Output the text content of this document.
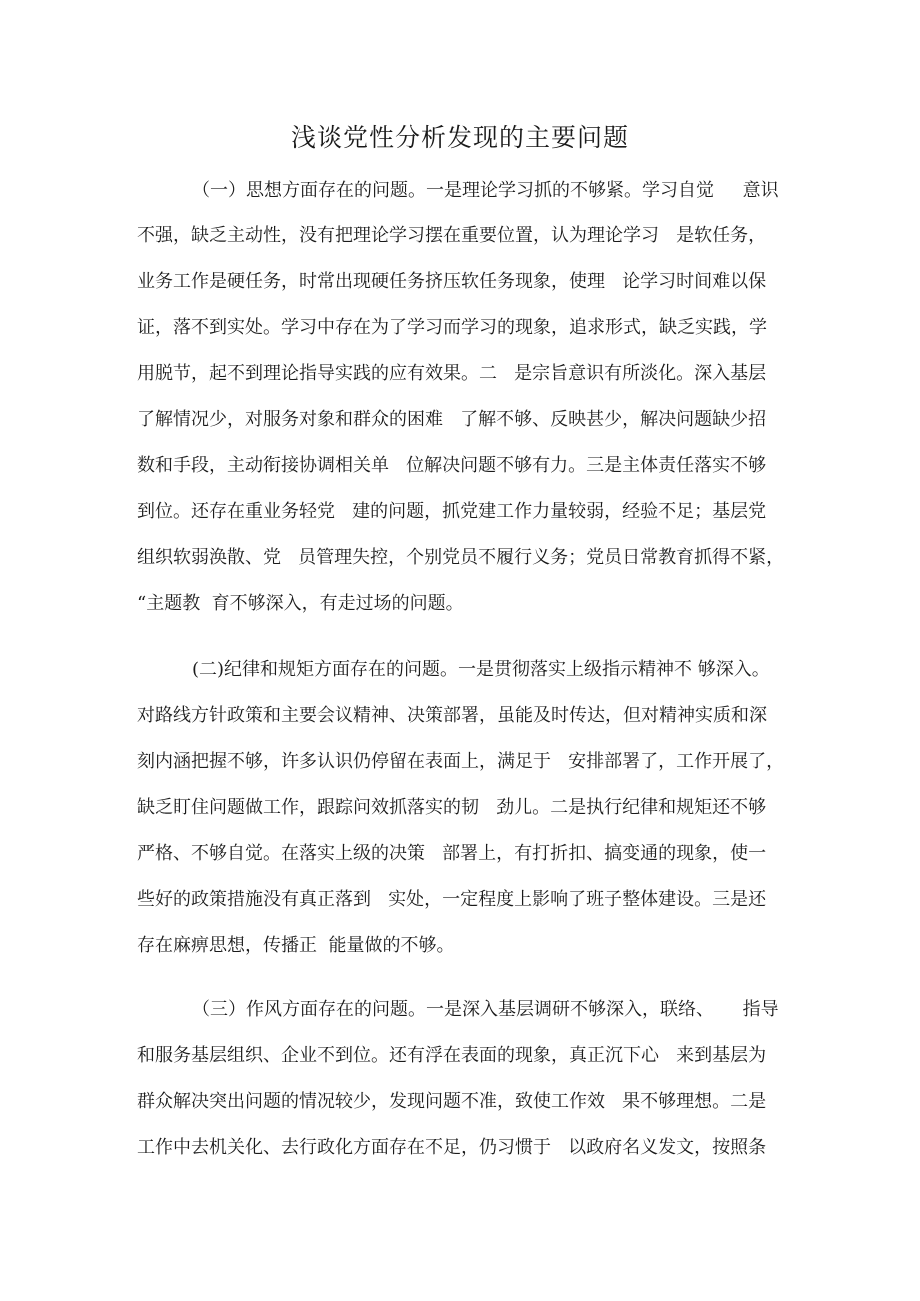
浅谈党性分析发现的主要问题
（一）思想方面存在的问题。一是理论学习抓的不够紧。学习自觉     意识
不强，缺乏主动性，没有把理论学习摆在重要位置，认为理论学习   是软任务，
业务工作是硬任务，时常出现硬任务挤压软任务现象，使理   论学习时间难以保
证，落不到实处。学习中存在为了学习而学习的现象，追求形式，缺乏实践，学
用脱节，起不到理论指导实践的应有效果。二   是宗旨意识有所淡化。深入基层
了解情况少，对服务对象和群众的困难   了解不够、反映甚少，解决问题缺少招
数和手段，主动衔接协调相关单   位解决问题不够有力。三是主体责任落实不够
到位。还存在重业务轻党   建的问题，抓党建工作力量较弱，经验不足；基层党
组织软弱涣散、党   员管理失控，个别党员不履行义务；党员日常教育抓得不紧，
“主题教  育不够深入，有走过场的问题。
(二)纪律和规矩方面存在的问题。一是贯彻落实上级指示精神不 够深入。
对路线方针政策和主要会议精神、决策部署，虽能及时传达，但对精神实质和深
刻内涵把握不够，许多认识仍停留在表面上，满足于   安排部署了，工作开展了，
缺乏盯住问题做工作，跟踪问效抓落实的韧   劲儿。二是执行纪律和规矩还不够
严格、不够自觉。在落实上级的决策   部署上，有打折扣、搞变通的现象，使一
些好的政策措施没有真正落到   实处，一定程度上影响了班子整体建设。三是还
存在麻痹思想，传播正  能量做的不够。
（三）作风方面存在的问题。一是深入基层调研不够深入，联络、     指导
和服务基层组织、企业不到位。还有浮在表面的现象，真正沉下心   来到基层为
群众解决突出问题的情况较少，发现问题不准，致使工作效   果不够理想。二是
工作中去机关化、去行政化方面存在不足，仍习惯于   以政府名义发文，按照条
